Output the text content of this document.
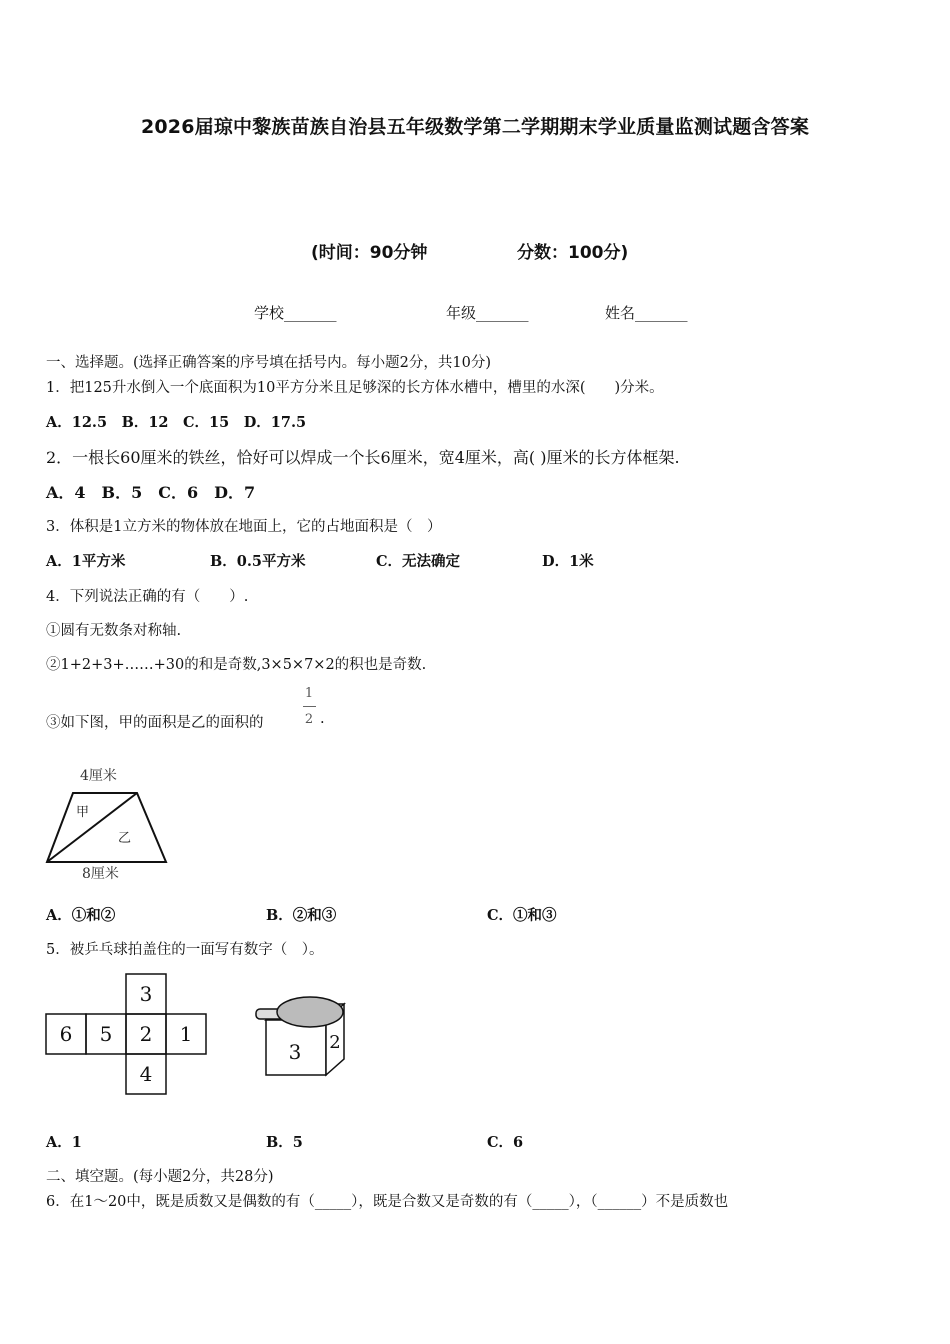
2026届琼中黎族苗族自治县五年级数学第二学期期末学业质量监测试题含答案
(时间：90分钟	分数：100分)
学校_______	年级_______	姓名_______
一、选择题。(选择正确答案的序号填在括号内。每小题2分，共10分)
1．把125升水倒入一个底面积为10平方分米且足够深的长方体水槽中，槽里的水深(　　)分米。
A．12.5　B．12　C．15　D．17.5
2．一根长60厘米的铁丝，恰好可以焊成一个长6厘米，宽4厘米，高( )厘米的长方体框架.
A．4　B．5　C．6　D．7
3．体积是1立方米的物体放在地面上，它的占地面积是（　）
A．1平方米	B．0.5平方米	C．无法确定	D．1米
4．下列说法正确的有（　　）.
①圆有无数条对称轴.
②1+2+3+……+30的和是奇数,3×5×7×2的积也是奇数.
③如下图，甲的面积是乙的面积的
1
2 .
4厘米
甲
乙
8厘米
A．①和②	B．②和③	C．①和③
5．被乒乓球拍盖住的一面写有数字（　）。
3
6 5 2 1
4
3 2
A．1	B．5	C．6
二、填空题。(每小题2分，共28分)
6．在1～20中，既是质数又是偶数的有（_____），既是合数又是奇数的有（_____），（______）不是质数也
